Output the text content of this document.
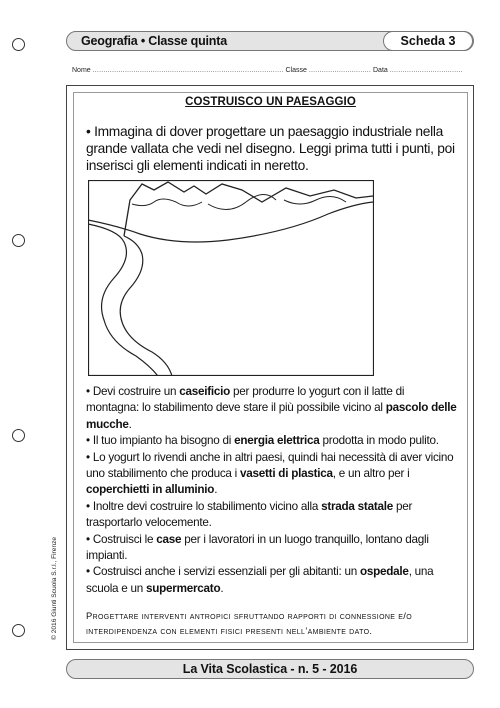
Geografia • Classe quinta	Scheda 3
Nome ......................................................................................... Classe ............................. Data ..................................
COSTRUISCO UN PAESAGGIO
• Immagina di dover progettare un paesaggio industriale nella grande vallata che vedi nel disegno. Leggi prima tutti i punti, poi inserisci gli elementi indicati in neretto.

• Devi costruire un caseificio per produrre lo yogurt con il latte di montagna: lo stabilimento deve stare il più possibile vicino al pascolo delle mucche.

• Il tuo impianto ha bisogno di energia elettrica prodotta in modo pulito.

• Lo yogurt lo rivendi anche in altri paesi, quindi hai necessità di aver vicino uno stabilimento che produca i vasetti di plastica, e un altro per i coperchietti in alluminio.

• Inoltre devi costruire lo stabilimento vicino alla strada statale per trasportarlo velocemente.

• Costruisci le case per i lavoratori in un luogo tranquillo, lontano dagli impianti.

• Costruisci anche i servizi essenziali per gli abitanti: un ospedale, una scuola e un supermercato.

Progettare interventi antropici sfruttando rapporti di connessione e/o interdipendenza con elementi fisici presenti nell’ambiente dato.
© 2016 Giunti Scuola S.r.l., Firenze
La Vita Scolastica - n. 5 - 2016
